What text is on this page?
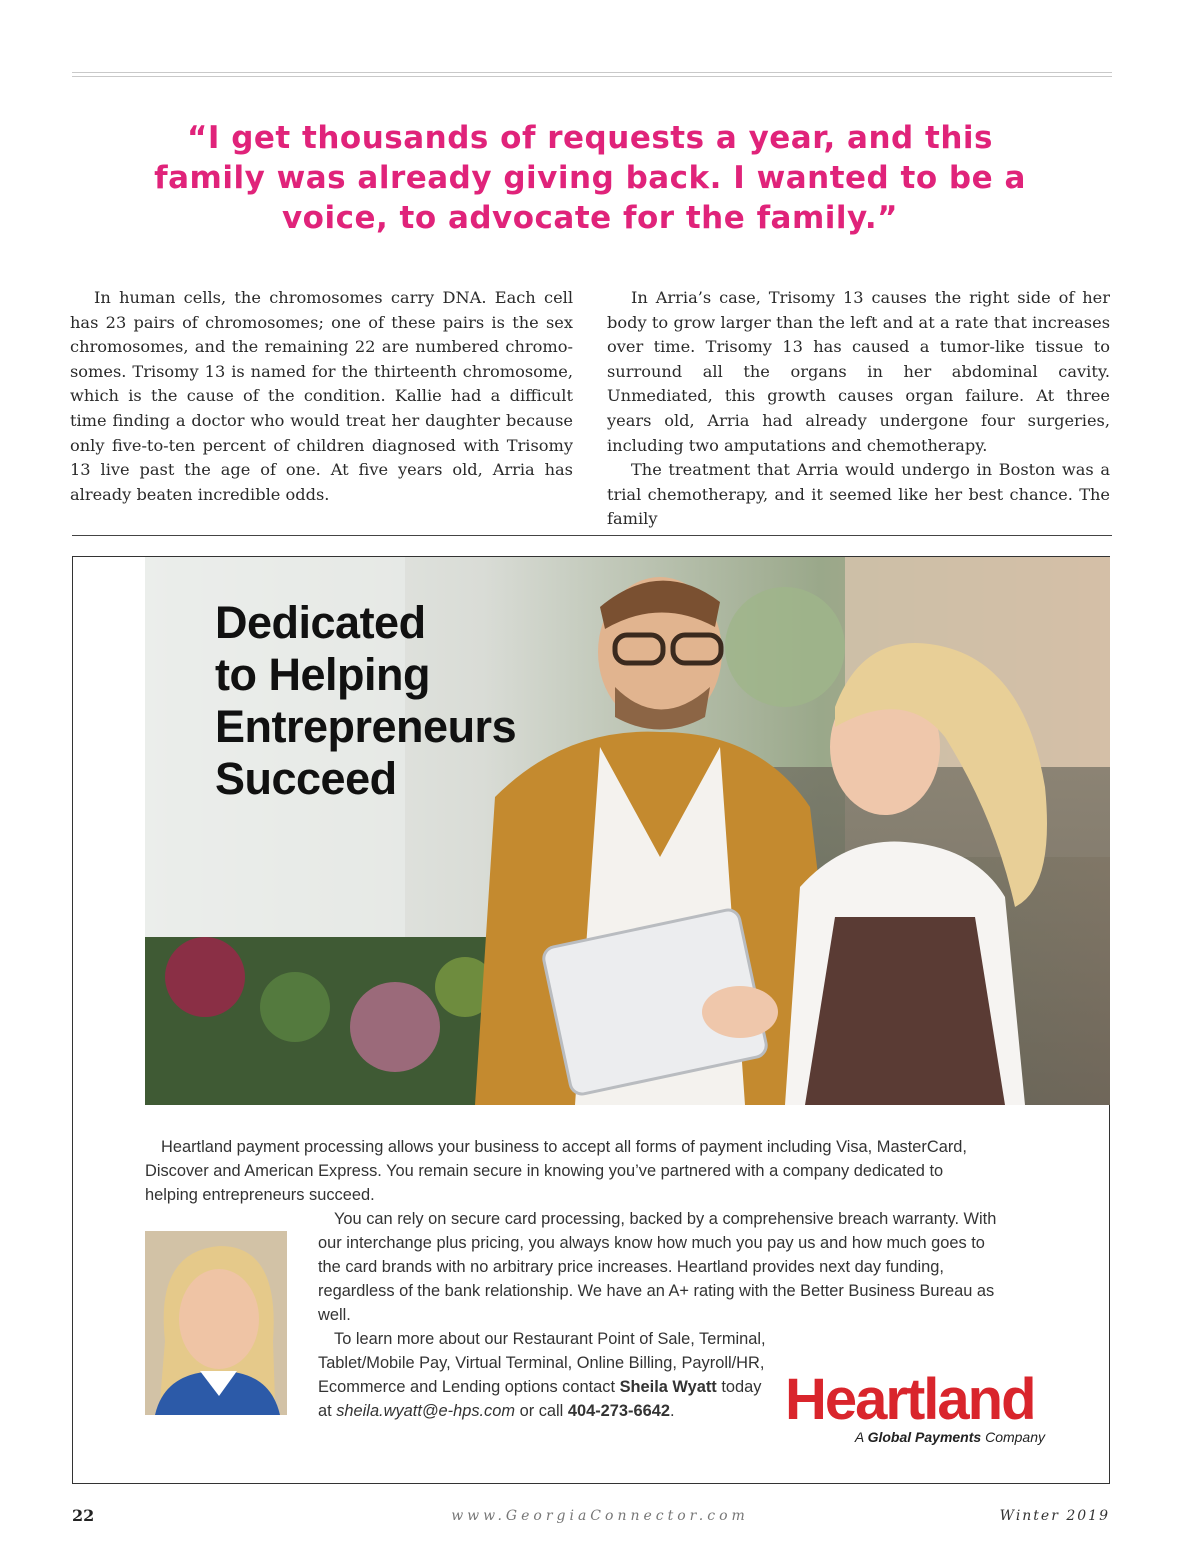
“I get thousands of requests a year, and this
family was already giving back. I wanted to be a
voice, to advocate for the family.”

In human cells, the chromosomes carry DNA. Each cell has 23 pairs of chromosomes; one of these pairs is the sex chromosomes, and the remaining 22 are numbered chromosomes. Trisomy 13 is named for the thirteenth chromosome, which is the cause of the condition. Kallie had a difficult time finding a doctor who would treat her daughter because only five-to-ten percent of children diagnosed with Trisomy 13 live past the age of one. At five years old, Arria has already beaten incredible odds.

In Arria’s case, Trisomy 13 causes the right side of her body to grow larger than the left and at a rate that increases over time. Trisomy 13 has caused a tumor-like tissue to surround all the organs in her abdominal cavity. Unmediated, this growth causes organ failure. At three years old, Arria had already undergone four surgeries, including two amputations and chemotherapy.

The treatment that Arria would undergo in Boston was a trial chemotherapy, and it seemed like her best chance. The family

Dedicated
to Helping
Entrepreneurs
Succeed

Heartland payment processing allows your business to accept all forms of payment including Visa, MasterCard, Discover and American Express. You remain secure in knowing you’ve partnered with a company dedicated to helping entrepreneurs succeed.

You can rely on secure card processing, backed by a comprehensive breach warranty. With our interchange plus pricing, you always know how much you pay us and how much goes to the card brands with no arbitrary price increases. Heartland provides next day funding, regardless of the bank relationship. We have an A+ rating with the Better Business Bureau as well.

To learn more about our Restaurant Point of Sale, Terminal, Tablet/Mobile Pay, Virtual Terminal, Online Billing, Payroll/HR, Ecommerce and Lending options contact Sheila Wyatt today at sheila.wyatt@e-hps.com or call 404-273-6642.	Heartland
A Global Payments Company
22	www.GeorgiaConnector.com	Winter 2019
